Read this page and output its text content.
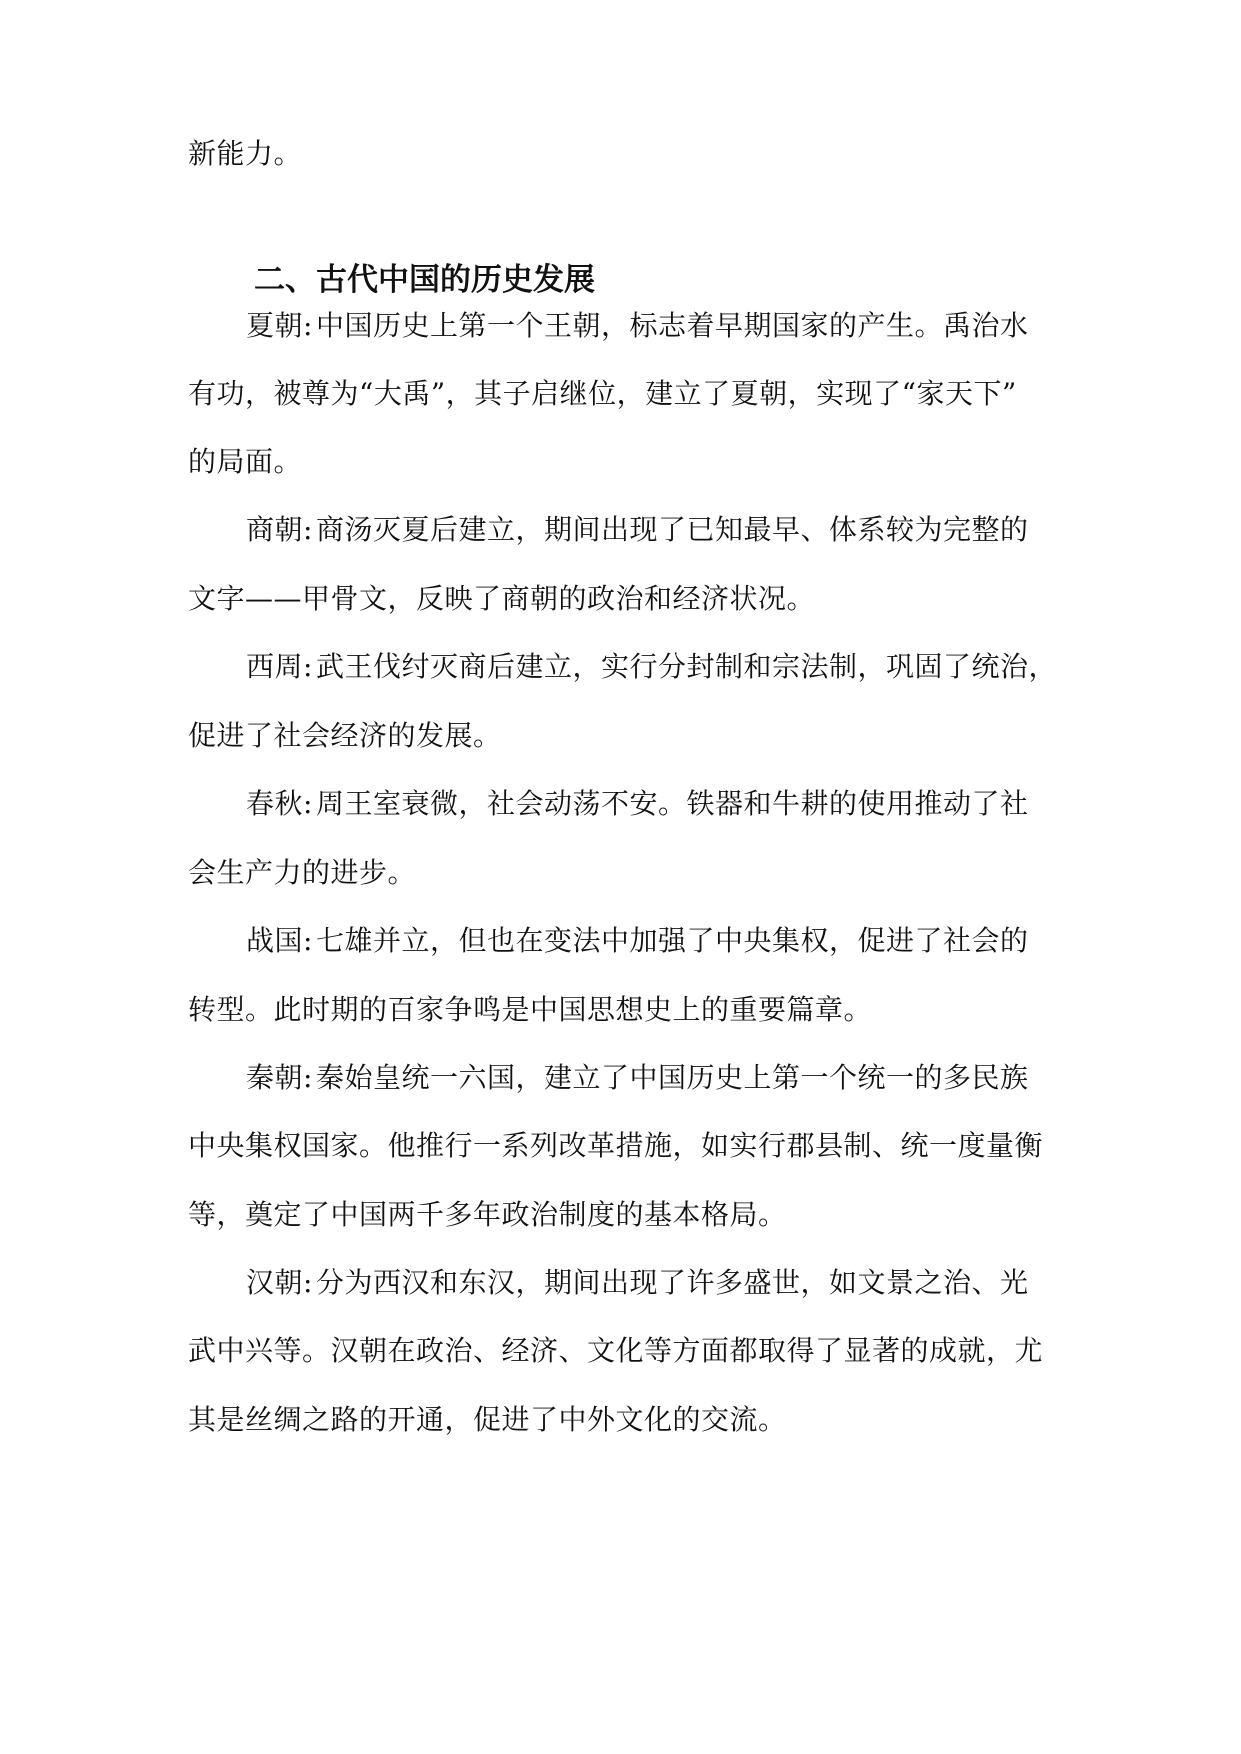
新能力。
二、古代中国的历史发展
夏朝: 中国历史上第一个王朝，标志着早期国家的产生。禹治水
有功，被尊为“大禹”，其子启继位，建立了夏朝，实现了“家天下”
的局面。
商朝: 商汤灭夏后建立，期间出现了已知最早、体系较为完整的
文字——甲骨文，反映了商朝的政治和经济状况。
西周: 武王伐纣灭商后建立，实行分封制和宗法制，巩固了统治，
促进了社会经济的发展。
春秋: 周王室衰微，社会动荡不安。铁器和牛耕的使用推动了社
会生产力的进步。
战国: 七雄并立，但也在变法中加强了中央集权，促进了社会的
转型。此时期的百家争鸣是中国思想史上的重要篇章。
秦朝: 秦始皇统一六国，建立了中国历史上第一个统一的多民族
中央集权国家。他推行一系列改革措施，如实行郡县制、统一度量衡
等，奠定了中国两千多年政治制度的基本格局。
汉朝: 分为西汉和东汉，期间出现了许多盛世，如文景之治、光
武中兴等。汉朝在政治、经济、文化等方面都取得了显著的成就，尤
其是丝绸之路的开通，促进了中外文化的交流。
